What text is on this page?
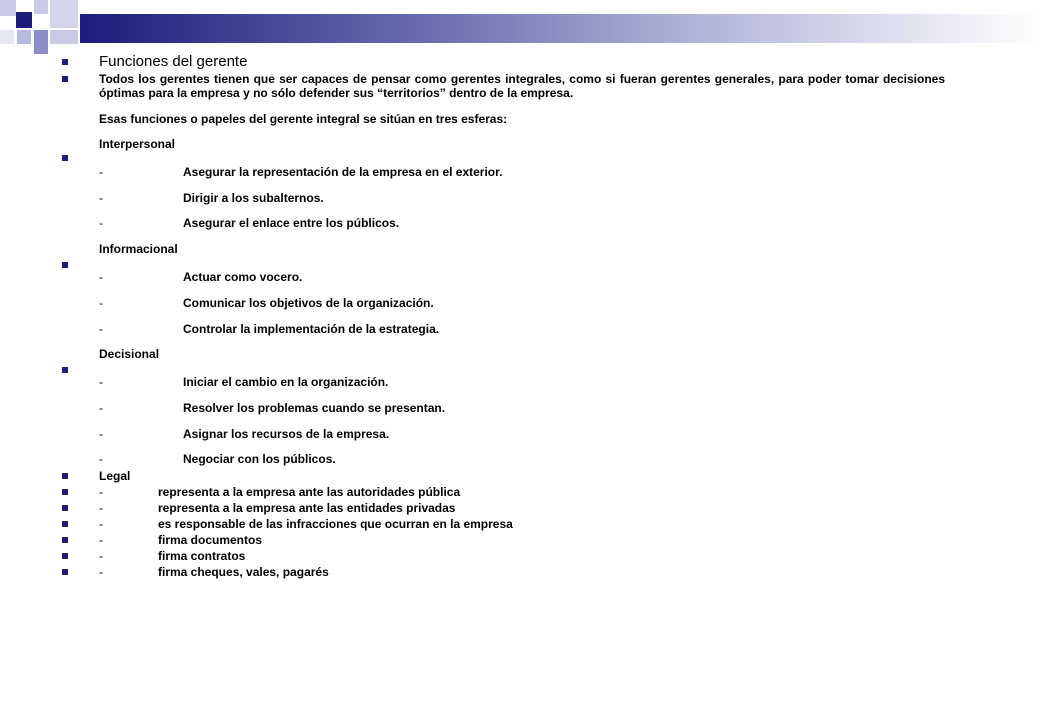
Funciones del gerente
Todos los gerentes tienen que ser capaces de pensar como gerentes integrales, como si fueran gerentes generales, para poder tomar decisiones óptimas para la empresa y no sólo defender sus “territorios” dentro de la empresa.
Esas funciones o papeles del gerente integral se sitúan en tres esferas:
Interpersonal
-	Asegurar la representación de la empresa en el exterior.
-	Dirigir a los subalternos.
-	Asegurar el enlace entre los públicos.
Informacional
-	Actuar como vocero.
-	Comunicar los objetivos de la organización.
-	Controlar la implementación de la estrategia.
Decisional
-	Iniciar el cambio en la organización.
-	Resolver los problemas cuando se presentan.
-	Asignar los recursos de la empresa.
-	Negociar con los públicos.
Legal
-	representa a la empresa ante las autoridades pública
-	representa a la empresa ante las entidades privadas
-	es responsable de las infracciones que ocurran en la empresa
-	firma documentos
-	firma contratos
-	firma cheques, vales, pagarés
